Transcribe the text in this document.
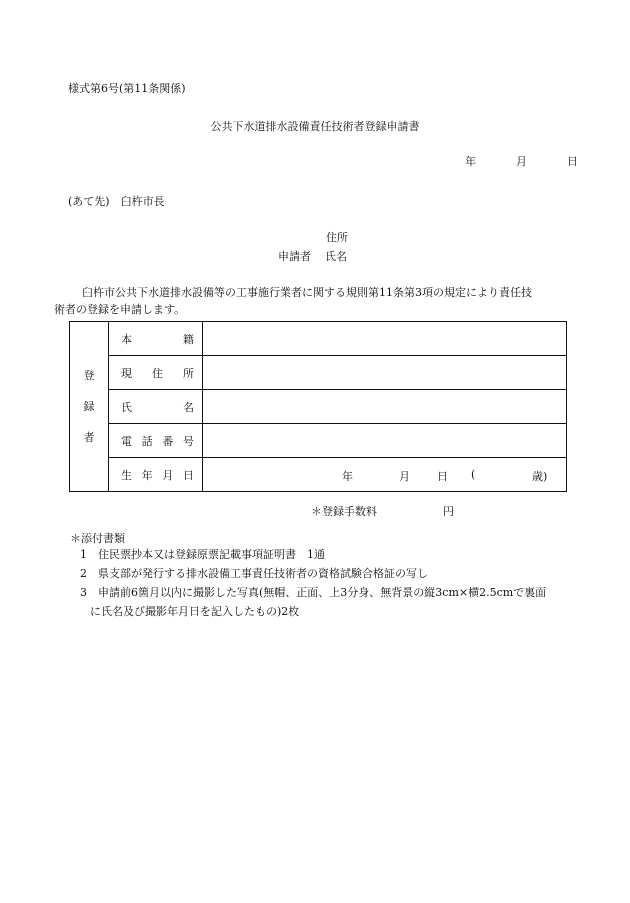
様式第6号(第11条関係)
公共下水道排水設備責任技術者登録申請書
年	月	日
(あて先)　臼杵市長
住所
申請者 氏名
臼杵市公共下水道排水設備等の工事施行業者に関する規則第11条第3項の規定により責任技
術者の登録を申請します。
登
録
者	本 籍	

	現 住 所	

	氏 名	

	電 話 番 号	

	生 年 月 日	年 月 日 ( 歳)
＊登録手数料	円
＊添付書類
1　住民票抄本又は登録原票記載事項証明書　1通
2　県支部が発行する排水設備工事責任技術者の資格試験合格証の写し
3　申請前6箇月以内に撮影した写真(無帽、正面、上3分身、無背景の縦3cm×横2.5cmで裏面
に氏名及び撮影年月日を記入したもの)2枚
